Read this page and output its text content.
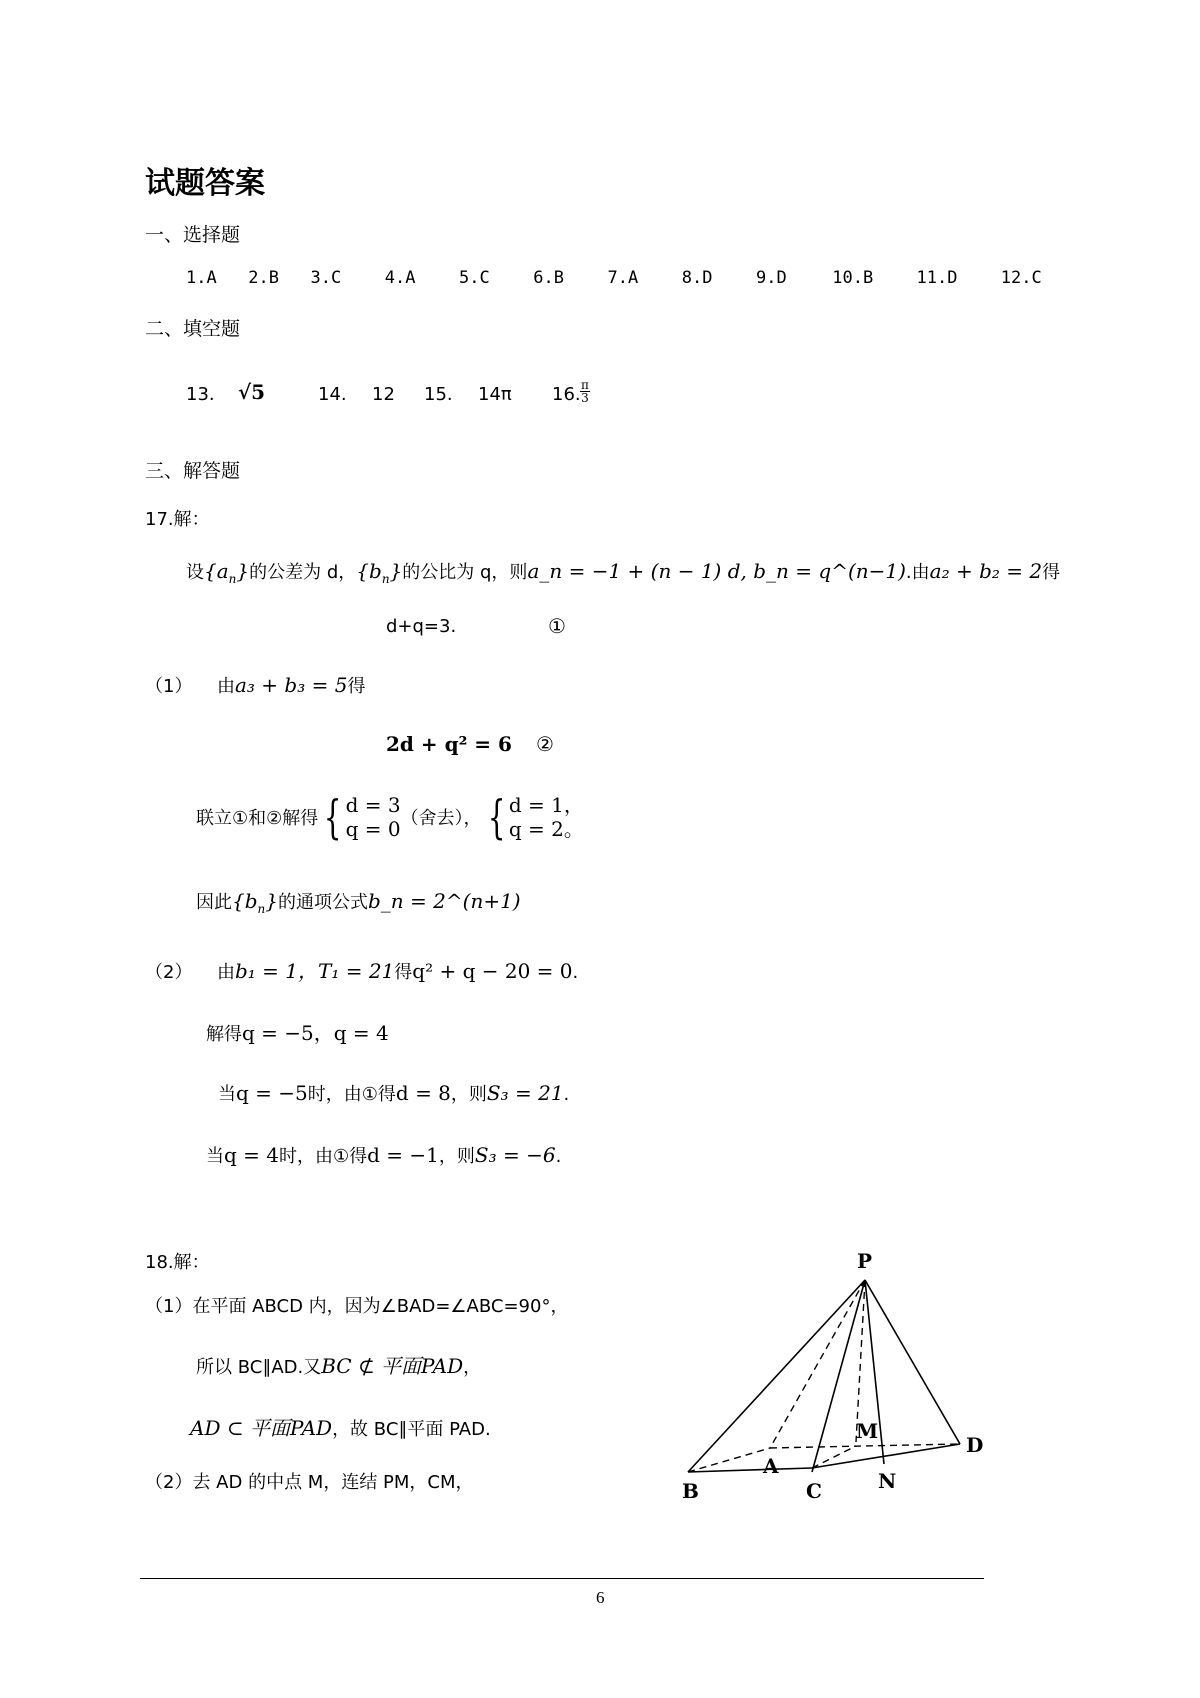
试题答案
一、选择题
1.A 2.B 3.C	4.A	5.C	6.B	7.A	8.D	9.D	10.B	11.D	12.C
二、填空题
13. √5	14. 12 15. 14π 16. $\frac{\pi}{3}$
三、解答题
17.解：
设 $\{a_n\}$ 的公差为 d， $\{b_n\}$ 的公比为 q，则 a_n = −1 + (n − 1) d, b_n = q^(n−1) .由 a₂ + b₂ = 2 得
d+q=3.	①
（1）	由 a₃ + b₃ = 5 得
2d + q² = 6 ②
联立①和②解得 { d = 3
q = 0 （舍去）， { d = 1，
q = 2。
因此 $\{b_n\}$ 的通项公式 b_n = 2^(n+1)
（2）	由 b₁ = 1，T₁ = 21 得 q² + q − 20 = 0 .
解得 q = −5，q = 4
当 q = −5 时，由①得 d = 8 ，则 S₃ = 21 .
当 q = 4 时，由①得 d = −1 ，则 S₃ = −6 .
18.解：
（1）在平面 ABCD 内，因为∠BAD=∠ABC=90°，
所以 BC∥AD.又 BC ⊄ 平面PAD ，
AD ⊂ 平面PAD ，故 BC∥平面 PAD.
（2）去 AD 的中点 M，连结 PM，CM，
P
A
B	C
D
M
N
6
